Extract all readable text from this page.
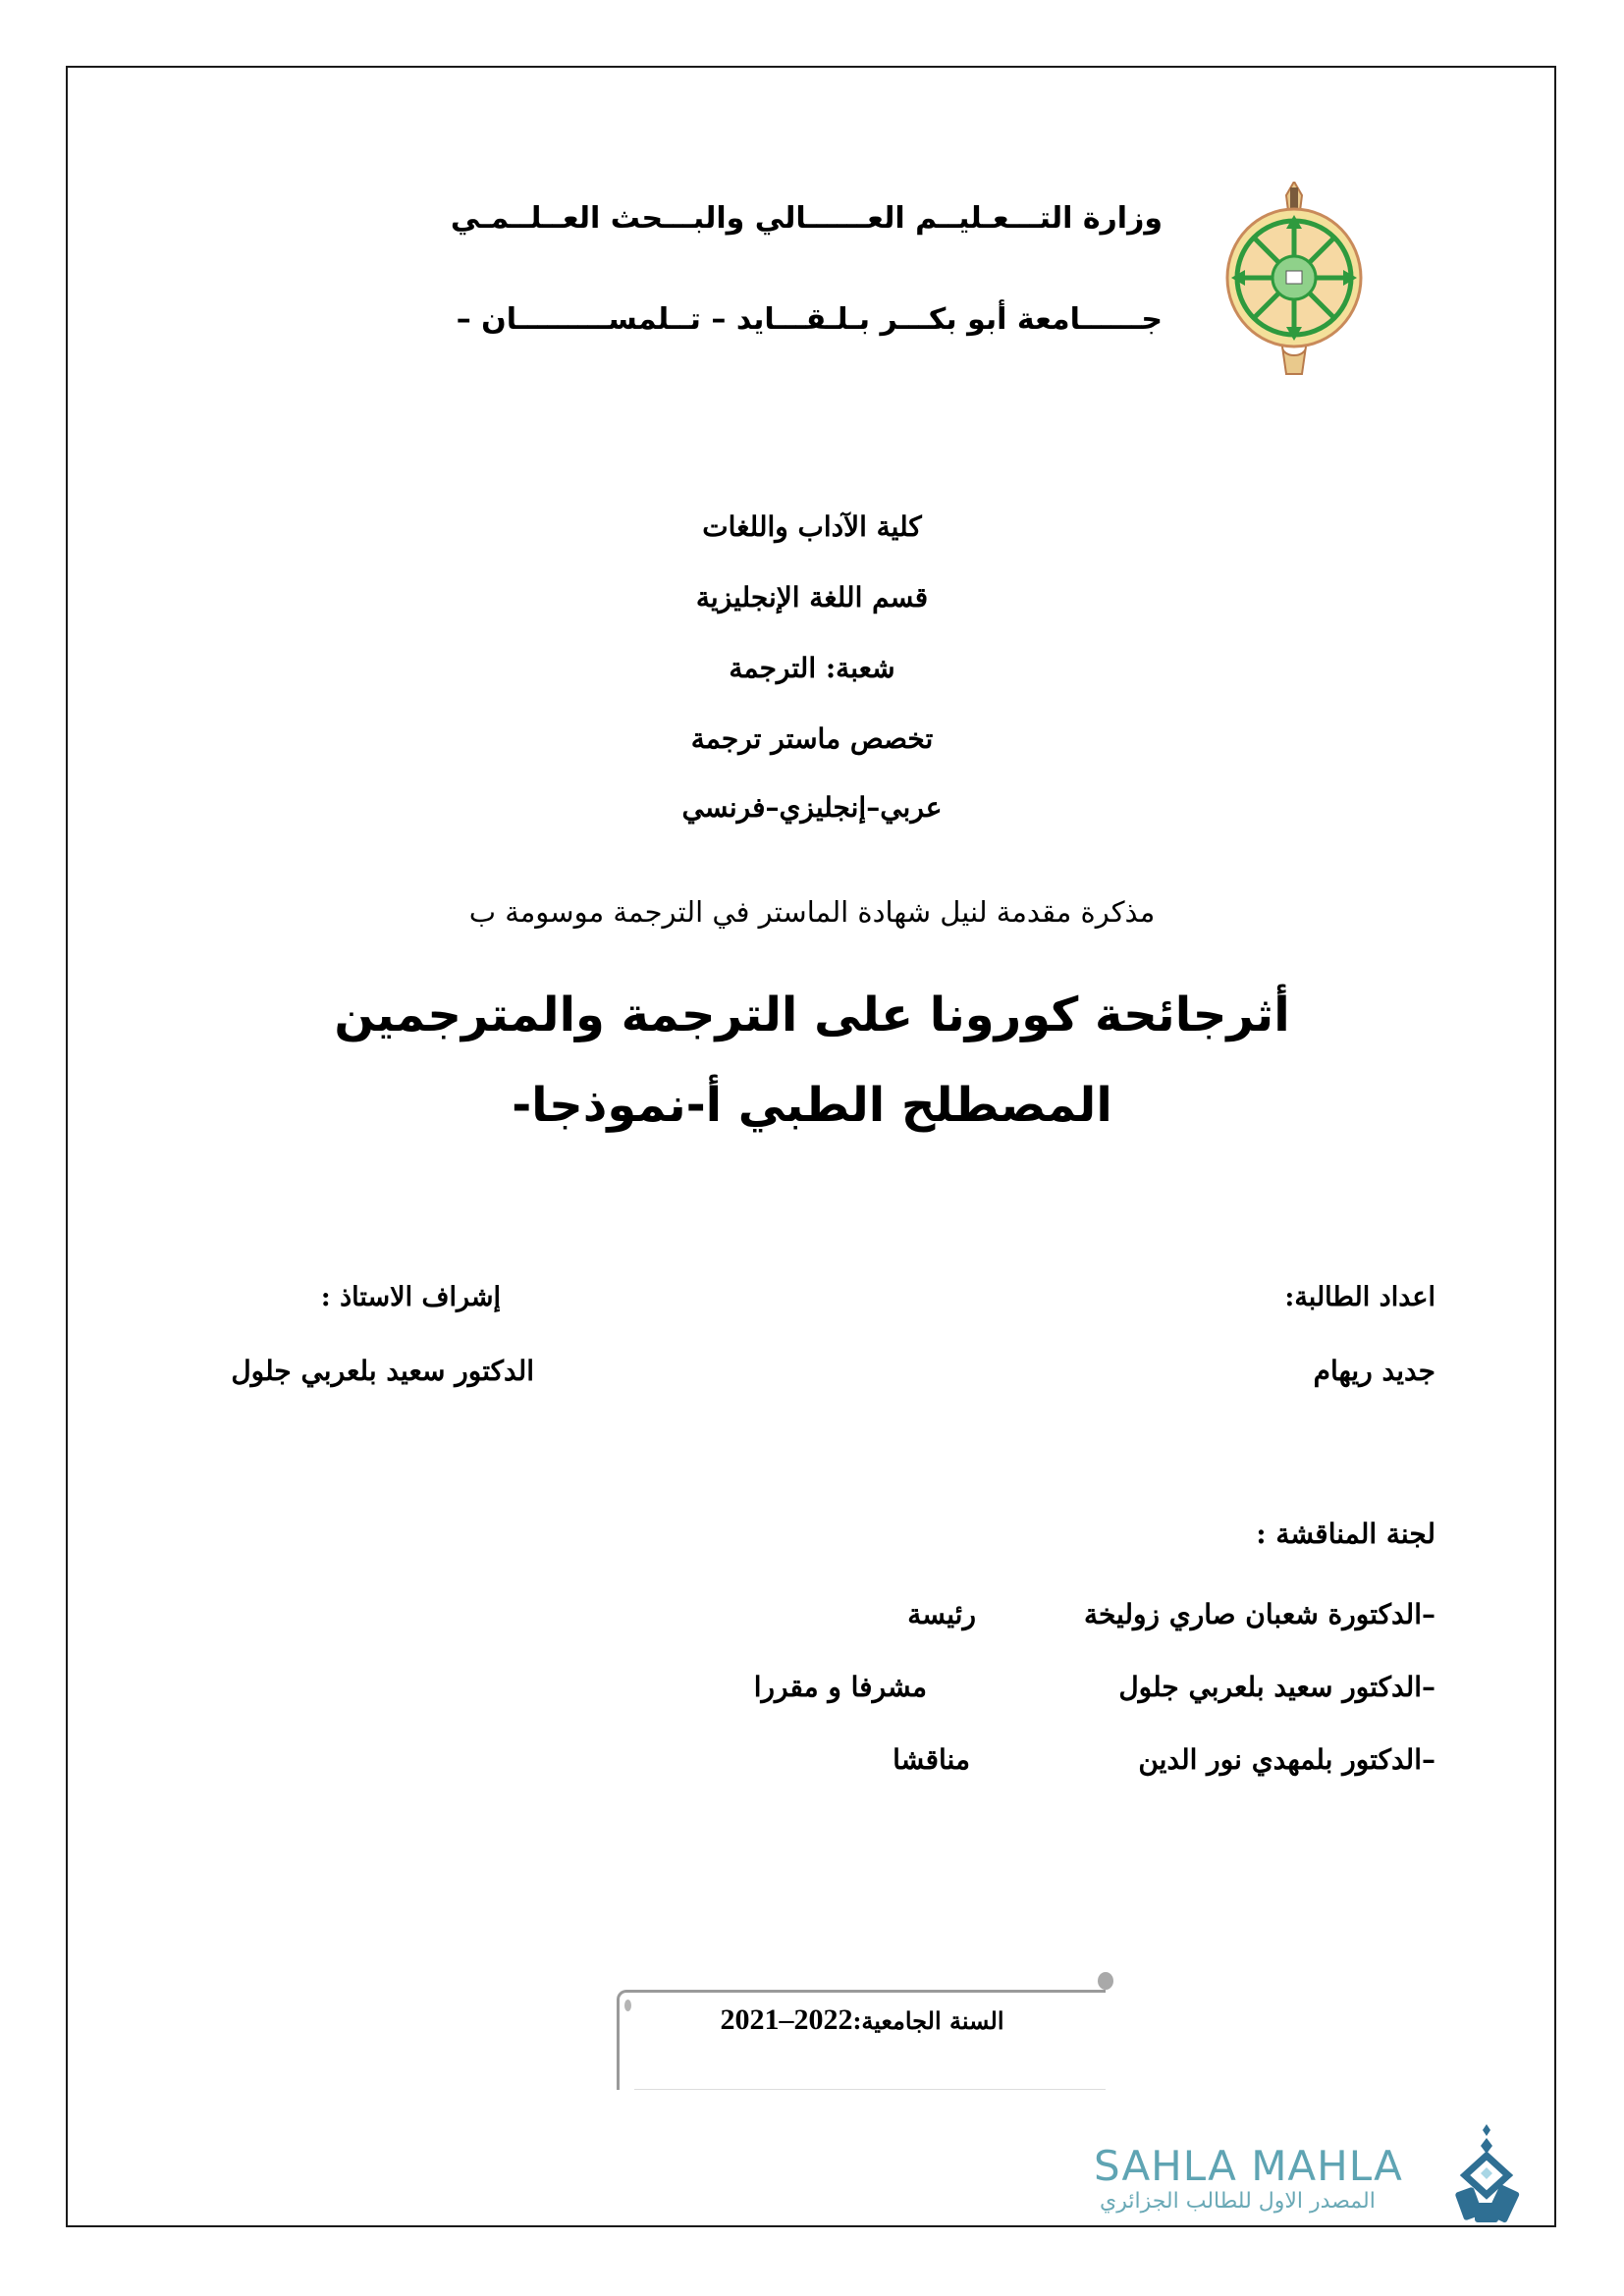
وزارة التـــعـليــم العــــــالي والبـــحث العــلــمـي
جــــــامعة أبو بكـــر بـلـقـــايد – تــلمســـــــــان –
كلية الآداب واللغات
قسم اللغة الإنجليزية
شعبة: الترجمة
تخصص ماستر ترجمة
عربي–إنجليزي–فرنسي
مذكرة مقدمة لنيل شهادة الماستر في الترجمة موسومة ب
أثرجائحة كورونا على الترجمة والمترجمين
المصطلح الطبي أ-نموذجا-
اعداد الطالبة:
جديد ريهام
إشراف الاستاذ :
الدكتور سعيد بلعربي جلول
لجنة المناقشة :
–الدكتورة شعبان صاري زوليخة
رئيسة
–الدكتور سعيد بلعربي جلول
مشرفا و مقررا
–الدكتور بلمهدي نور الدين
مناقشا
السنة الجامعية:2021–2022
SAHLA MAHLA
المصدر الاول للطالب الجزائري
